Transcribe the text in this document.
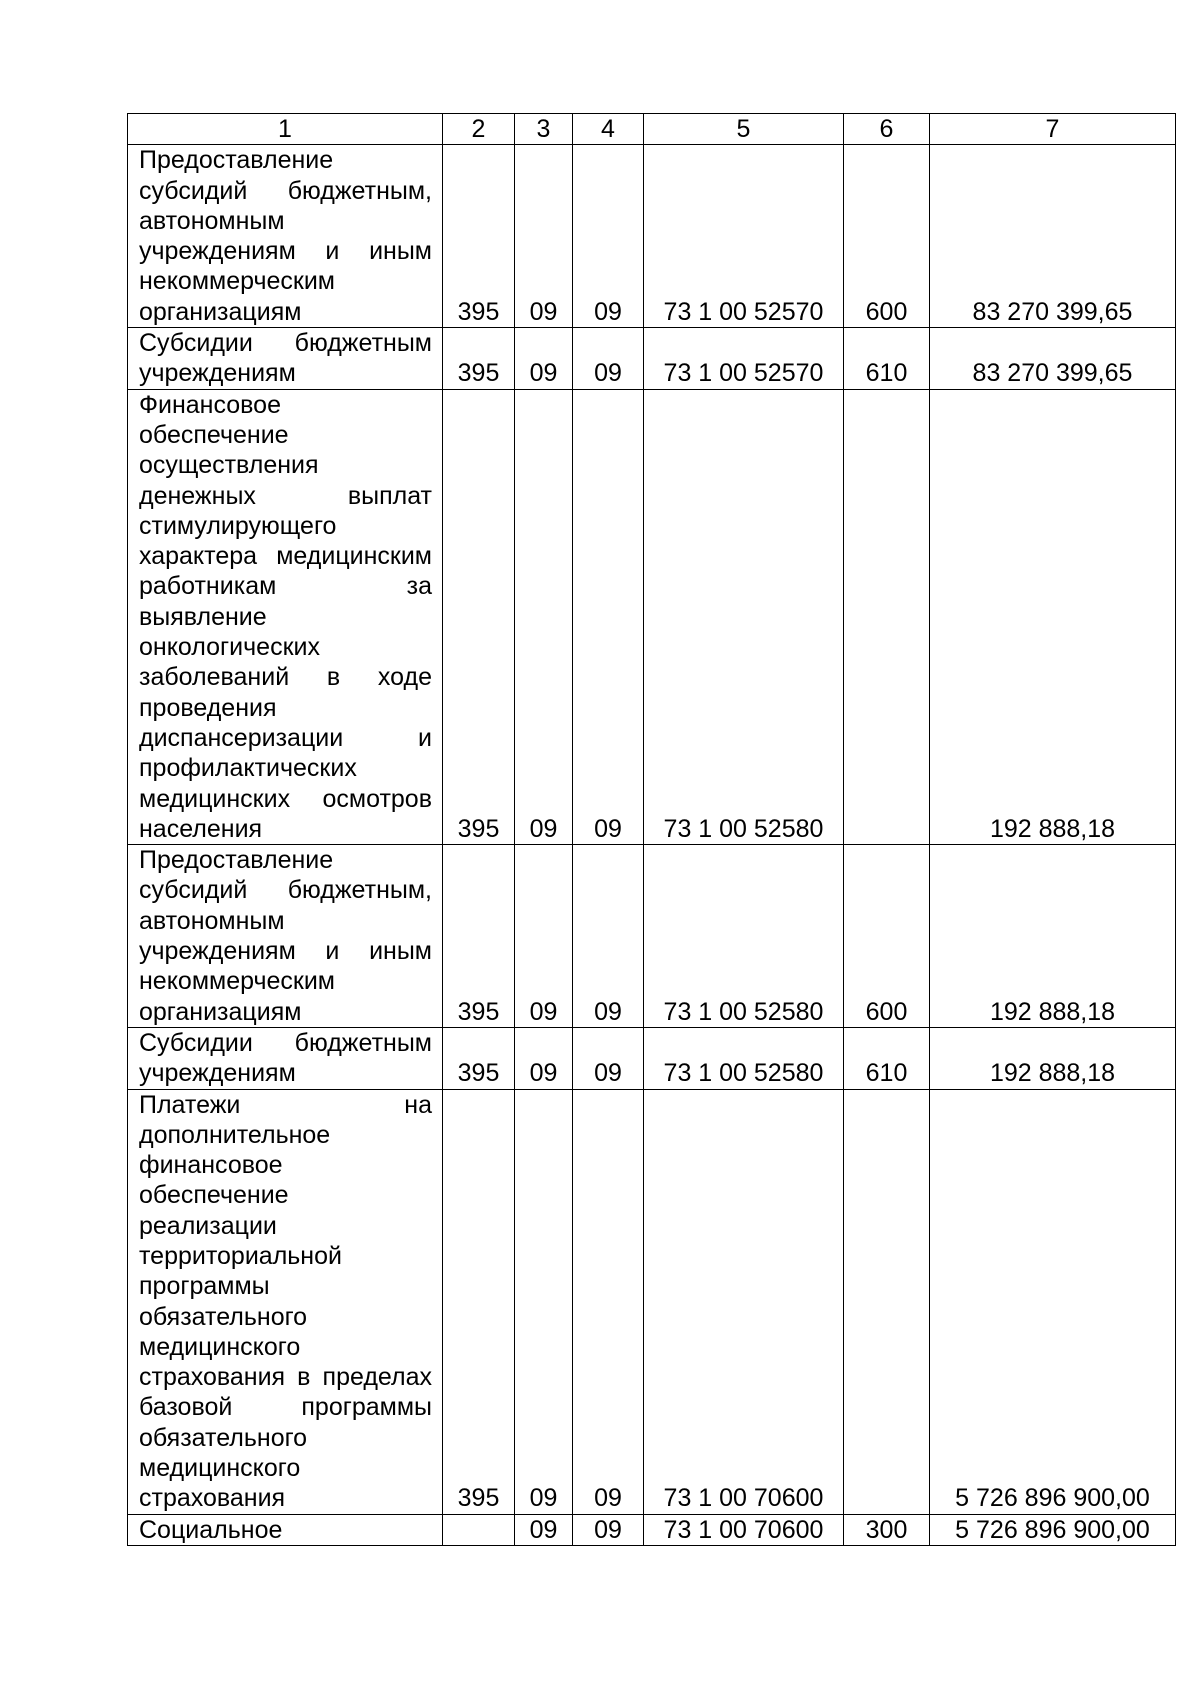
1	2	3	4	5	6	7
Предоставление субсидий бюджетным, автономным учреждениям и иным некоммерческим организациям	395	09	09	73 1 00 52570	600	83 270 399,65
Субсидии бюджетным учреждениям	395	09	09	73 1 00 52570	610	83 270 399,65
Финансовое обеспечение осуществления денежных выплат стимулирующего характера медицинским работникам за выявление онкологических заболеваний в ходе проведения диспансеризации и профилактических медицинских осмотров населения	395	09	09	73 1 00 52580		192 888,18
Предоставление субсидий бюджетным, автономным учреждениям и иным некоммерческим организациям	395	09	09	73 1 00 52580	600	192 888,18
Субсидии бюджетным учреждениям	395	09	09	73 1 00 52580	610	192 888,18
Платежи на дополнительное финансовое обеспечение реализации территориальной программы обязательного медицинского страхования в пределах базовой программы обязательного медицинского страхования	395	09	09	73 1 00 70600		5 726 896 900,00
Социальное		09	09	73 1 00 70600	300	5 726 896 900,00
